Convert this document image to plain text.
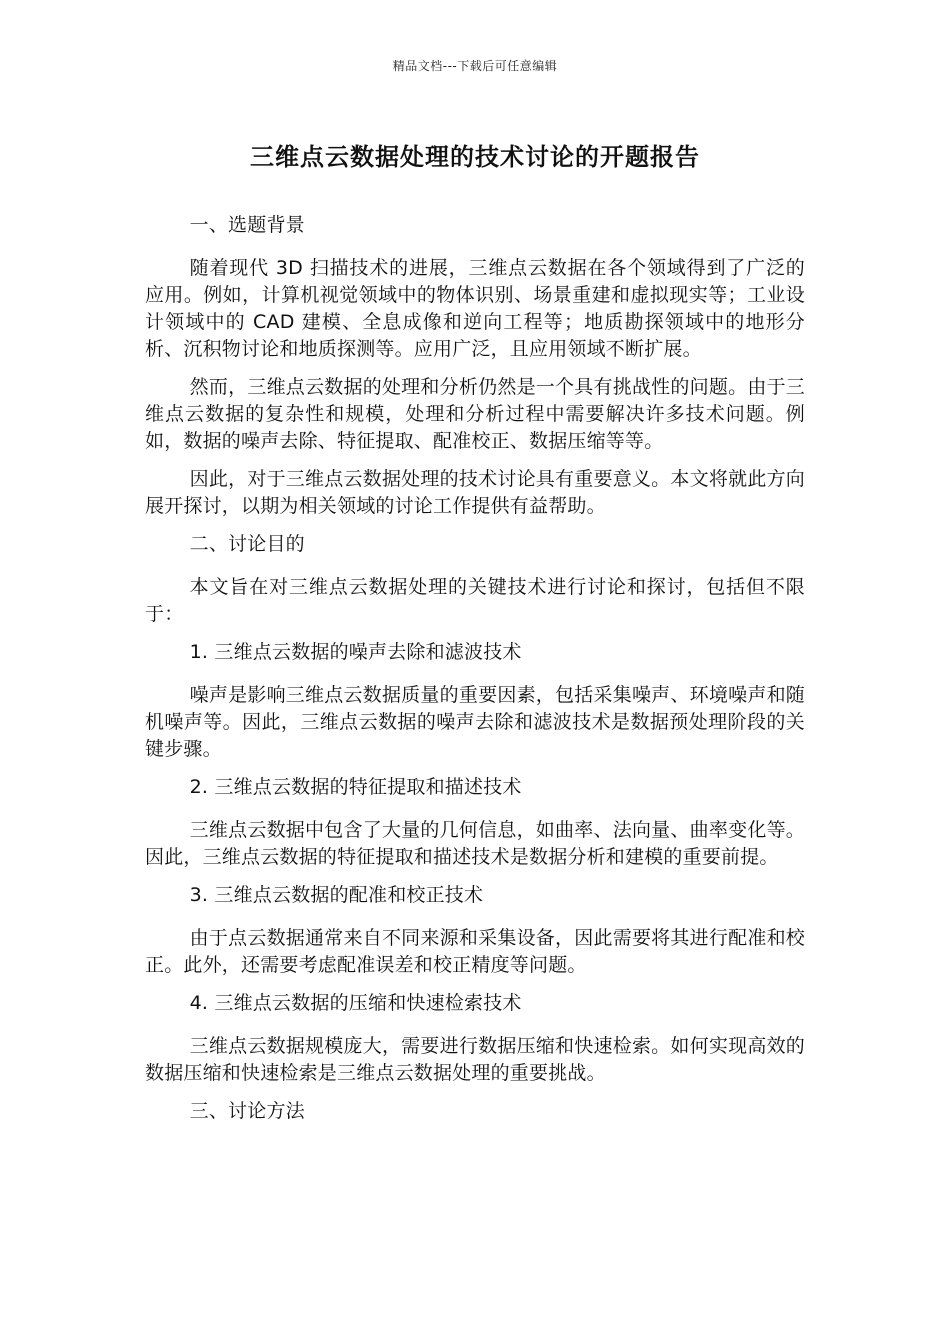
精品文档---下载后可任意编辑
三维点云数据处理的技术讨论的开题报告
一、选题背景

随着现代 3D 扫描技术的进展，三维点云数据在各个领域得到了广泛的应用。例如，计算机视觉领域中的物体识别、场景重建和虚拟现实等；工业设计领域中的 CAD 建模、全息成像和逆向工程等；地质勘探领域中的地形分析、沉积物讨论和地质探测等。应用广泛，且应用领域不断扩展。

然而，三维点云数据的处理和分析仍然是一个具有挑战性的问题。由于三维点云数据的复杂性和规模，处理和分析过程中需要解决许多技术问题。例如，数据的噪声去除、特征提取、配准校正、数据压缩等等。

因此，对于三维点云数据处理的技术讨论具有重要意义。本文将就此方向展开探讨，以期为相关领域的讨论工作提供有益帮助。

二、讨论目的

本文旨在对三维点云数据处理的关键技术进行讨论和探讨，包括但不限于：

1. 三维点云数据的噪声去除和滤波技术

噪声是影响三维点云数据质量的重要因素，包括采集噪声、环境噪声和随机噪声等。因此，三维点云数据的噪声去除和滤波技术是数据预处理阶段的关键步骤。

2. 三维点云数据的特征提取和描述技术

三维点云数据中包含了大量的几何信息，如曲率、法向量、曲率变化等。因此，三维点云数据的特征提取和描述技术是数据分析和建模的重要前提。

3. 三维点云数据的配准和校正技术

由于点云数据通常来自不同来源和采集设备，因此需要将其进行配准和校正。此外，还需要考虑配准误差和校正精度等问题。

4. 三维点云数据的压缩和快速检索技术

三维点云数据规模庞大，需要进行数据压缩和快速检索。如何实现高效的数据压缩和快速检索是三维点云数据处理的重要挑战。

三、讨论方法
